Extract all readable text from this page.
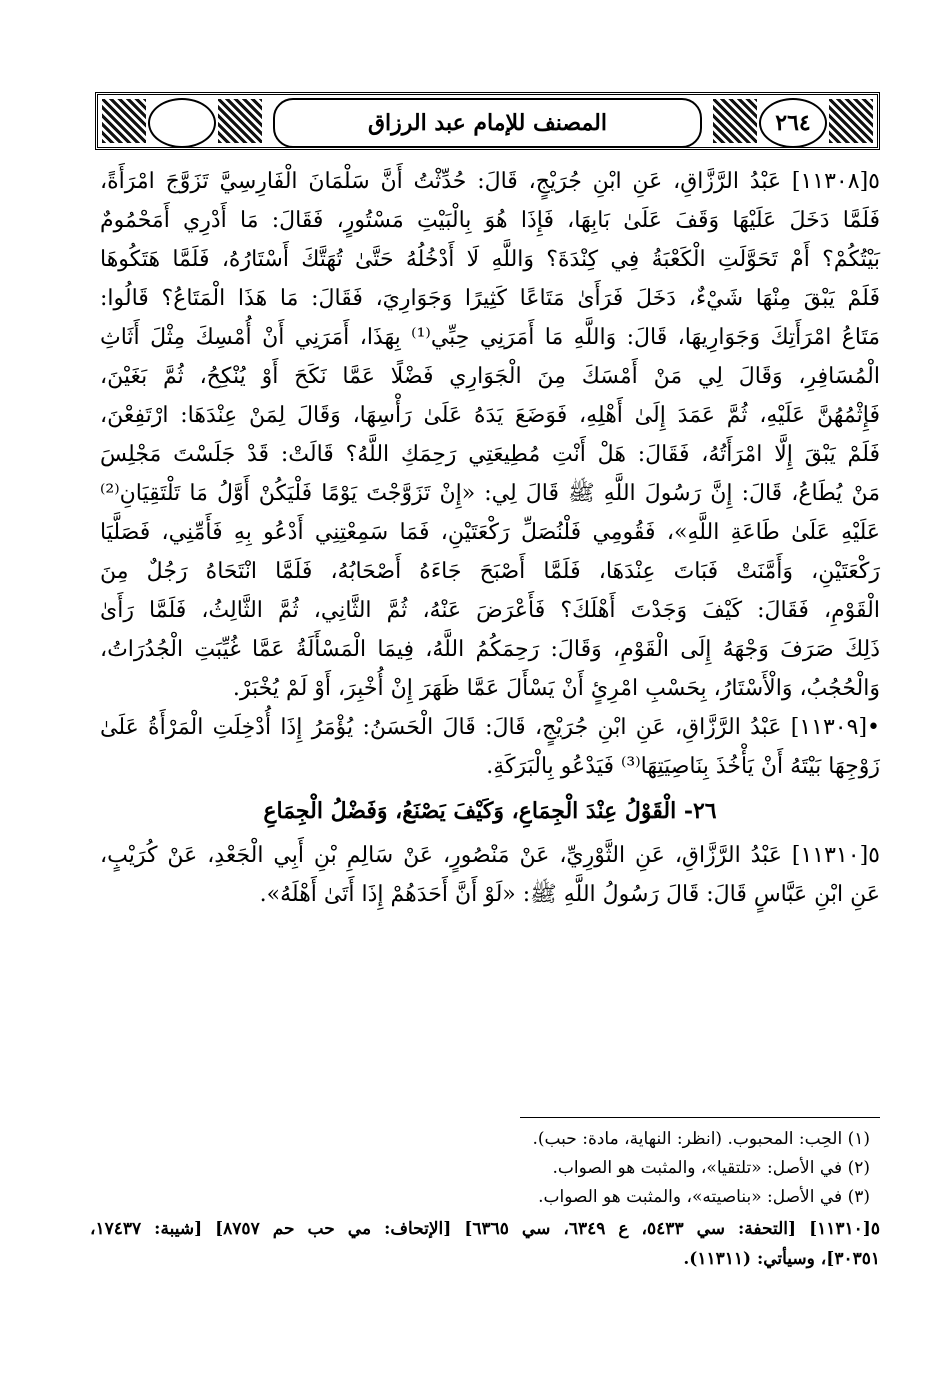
المصنف للإمام عبد الرزاق	٢٦٤
٥[١١٣٠٨] عَبْدُ الرَّزَّاقِ، عَنِ ابْنِ جُرَيْجٍ، قَالَ: حُدِّثْتُ أَنَّ سَلْمَانَ الْفَارِسِيَّ تَزَوَّجَ امْرَأَةً،
فَلَمَّا دَخَلَ عَلَيْهَا وَقَفَ عَلَىٰ بَابِهَا، فَإِذَا هُوَ بِالْبَيْتِ مَسْتُورٍ، فَقَالَ: مَا أَدْرِي أَمَحْمُومٌ
بَيْتُكُمْ؟ أَمْ تَحَوَّلَتِ الْكَعْبَةُ فِي كِنْدَةَ؟ وَاللَّهِ لَا أَدْخُلُهُ حَتَّىٰ تُهَتَّكَ أَسْتَارُهُ، فَلَمَّا هَتَكُوهَا
فَلَمْ يَبْقَ مِنْهَا شَيْءٌ، دَخَلَ فَرَأَىٰ مَتَاعًا كَثِيرًا وَجَوَارِيَ، فَقَالَ: مَا هَذَا الْمَتَاعُ؟ قَالُوا:
مَتَاعُ امْرَأَتِكَ وَجَوَارِيهَا، قَالَ: وَاللَّهِ مَا أَمَرَنِي حِبِّي⁽¹⁾ بِهَذَا، أَمَرَنِي أَنْ أُمْسِكَ مِثْلَ أَثَاثِ
الْمُسَافِرِ، وَقَالَ لِي مَنْ أَمْسَكَ مِنَ الْجَوَارِي فَضْلًا عَمَّا نَكَحَ أَوْ يُنْكِحُ، ثُمَّ بَغَيْنَ،
فَإِثْمُهُنَّ عَلَيْهِ، ثُمَّ عَمَدَ إِلَىٰ أَهْلِهِ، فَوَضَعَ يَدَهُ عَلَىٰ رَأْسِهَا، وَقَالَ لِمَنْ عِنْدَهَا: ارْتَفِعْنَ،
فَلَمْ يَبْقَ إِلَّا امْرَأَتُهُ، فَقَالَ: هَلْ أَنْتِ مُطِيعَتِي رَحِمَكِ اللَّهُ؟ قَالَتْ: قَدْ جَلَسْتَ مَجْلِسَ
مَنْ يُطَاعُ، قَالَ: إِنَّ رَسُولَ اللَّهِ ﷺ قَالَ لِي: «إِنْ تَزَوَّجْتَ يَوْمًا فَلْيَكُنْ أَوَّلُ مَا تَلْتَقِيَانِ⁽²⁾
عَلَيْهِ عَلَىٰ طَاعَةِ اللَّهِ»، فَقُومِي فَلْنُصَلِّ رَكْعَتَيْنِ، فَمَا سَمِعْتِنِي أَدْعُو بِهِ فَأَمِّنِي، فَصَلَّيَا
رَكْعَتَيْنِ، وَأَمَّنَتْ فَبَاتَ عِنْدَهَا، فَلَمَّا أَصْبَحَ جَاءَهُ أَصْحَابُهُ، فَلَمَّا انْتَحَاهُ رَجُلٌ مِنَ
الْقَوْمِ، فَقَالَ: كَيْفَ وَجَدْتَ أَهْلَكَ؟ فَأَعْرَضَ عَنْهُ، ثُمَّ الثَّانِي، ثُمَّ الثَّالِثُ، فَلَمَّا رَأَىٰ
ذَلِكَ صَرَفَ وَجْهَهُ إِلَى الْقَوْمِ، وَقَالَ: رَحِمَكُمُ اللَّهُ، فِيمَا الْمَسْأَلَةُ عَمَّا غُيِّبَتِ الْجُدُرَاتُ،
وَالْحُجُبُ، وَالْأَسْتَارُ، بِحَسْبِ امْرِئٍ أَنْ يَسْأَلَ عَمَّا ظَهَرَ إِنْ أُخْبِرَ، أَوْ لَمْ يُخْبَرْ.
•[١١٣٠٩] عَبْدُ الرَّزَّاقِ، عَنِ ابْنِ جُرَيْجٍ، قَالَ: قَالَ الْحَسَنُ: يُؤْمَرُ إِذَا أُدْخِلَتِ الْمَرْأَةُ عَلَىٰ
زَوْجِهَا بَيْتَهُ أَنْ يَأْخُذَ بِنَاصِيَتِهَا⁽³⁾ فَيَدْعُو بِالْبَرَكَةِ.
٢٦- الْقَوْلُ عِنْدَ الْجِمَاعِ، وَكَيْفَ يَصْنَعُ، وَفَضْلُ الْجِمَاعِ
٥[١١٣١٠] عَبْدُ الرَّزَّاقِ، عَنِ الثَّوْرِيِّ، عَنْ مَنْصُورٍ، عَنْ سَالِمِ بْنِ أَبِي الْجَعْدِ، عَنْ كُرَيْبٍ،
عَنِ ابْنِ عَبَّاسٍ قَالَ: قَالَ رَسُولُ اللَّهِ ﷺ: «لَوْ أَنَّ أَحَدَهُمْ إِذَا أَتَىٰ أَهْلَهُ».
(١) الحِب: المحبوب. (انظر: النهاية، مادة: حبب).
(٢) في الأصل: «تلتقيا»، والمثبت هو الصواب.
(٣) في الأصل: «بناصيته»، والمثبت هو الصواب.
٥[١١٣١٠] [التحفة: سي ٥٤٣٣، ع ٦٣٤٩، سي ٦٣٦٥] [الإتحاف: مي حب حم ٨٧٥٧] [شيبة: ١٧٤٣٧،
٣٠٣٥١]، وسيأتي: (١١٣١١).
